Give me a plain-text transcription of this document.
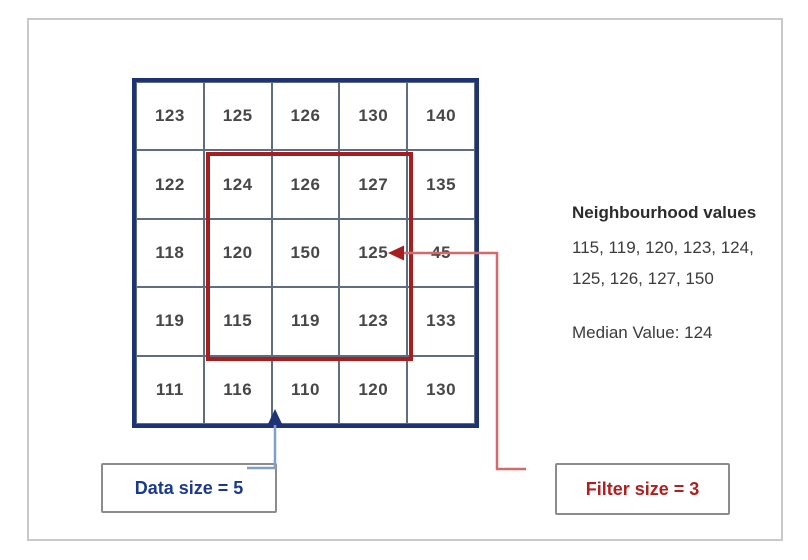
123	125	126	130	140
122	124	126	127	135
118	120	150	125	45
119	115	119	123	133
111	116	110	120	130
Neighbourhood values
115, 119, 120, 123, 124,
125, 126, 127, 150
Median Value: 124
Data size = 5	Filter size = 3
